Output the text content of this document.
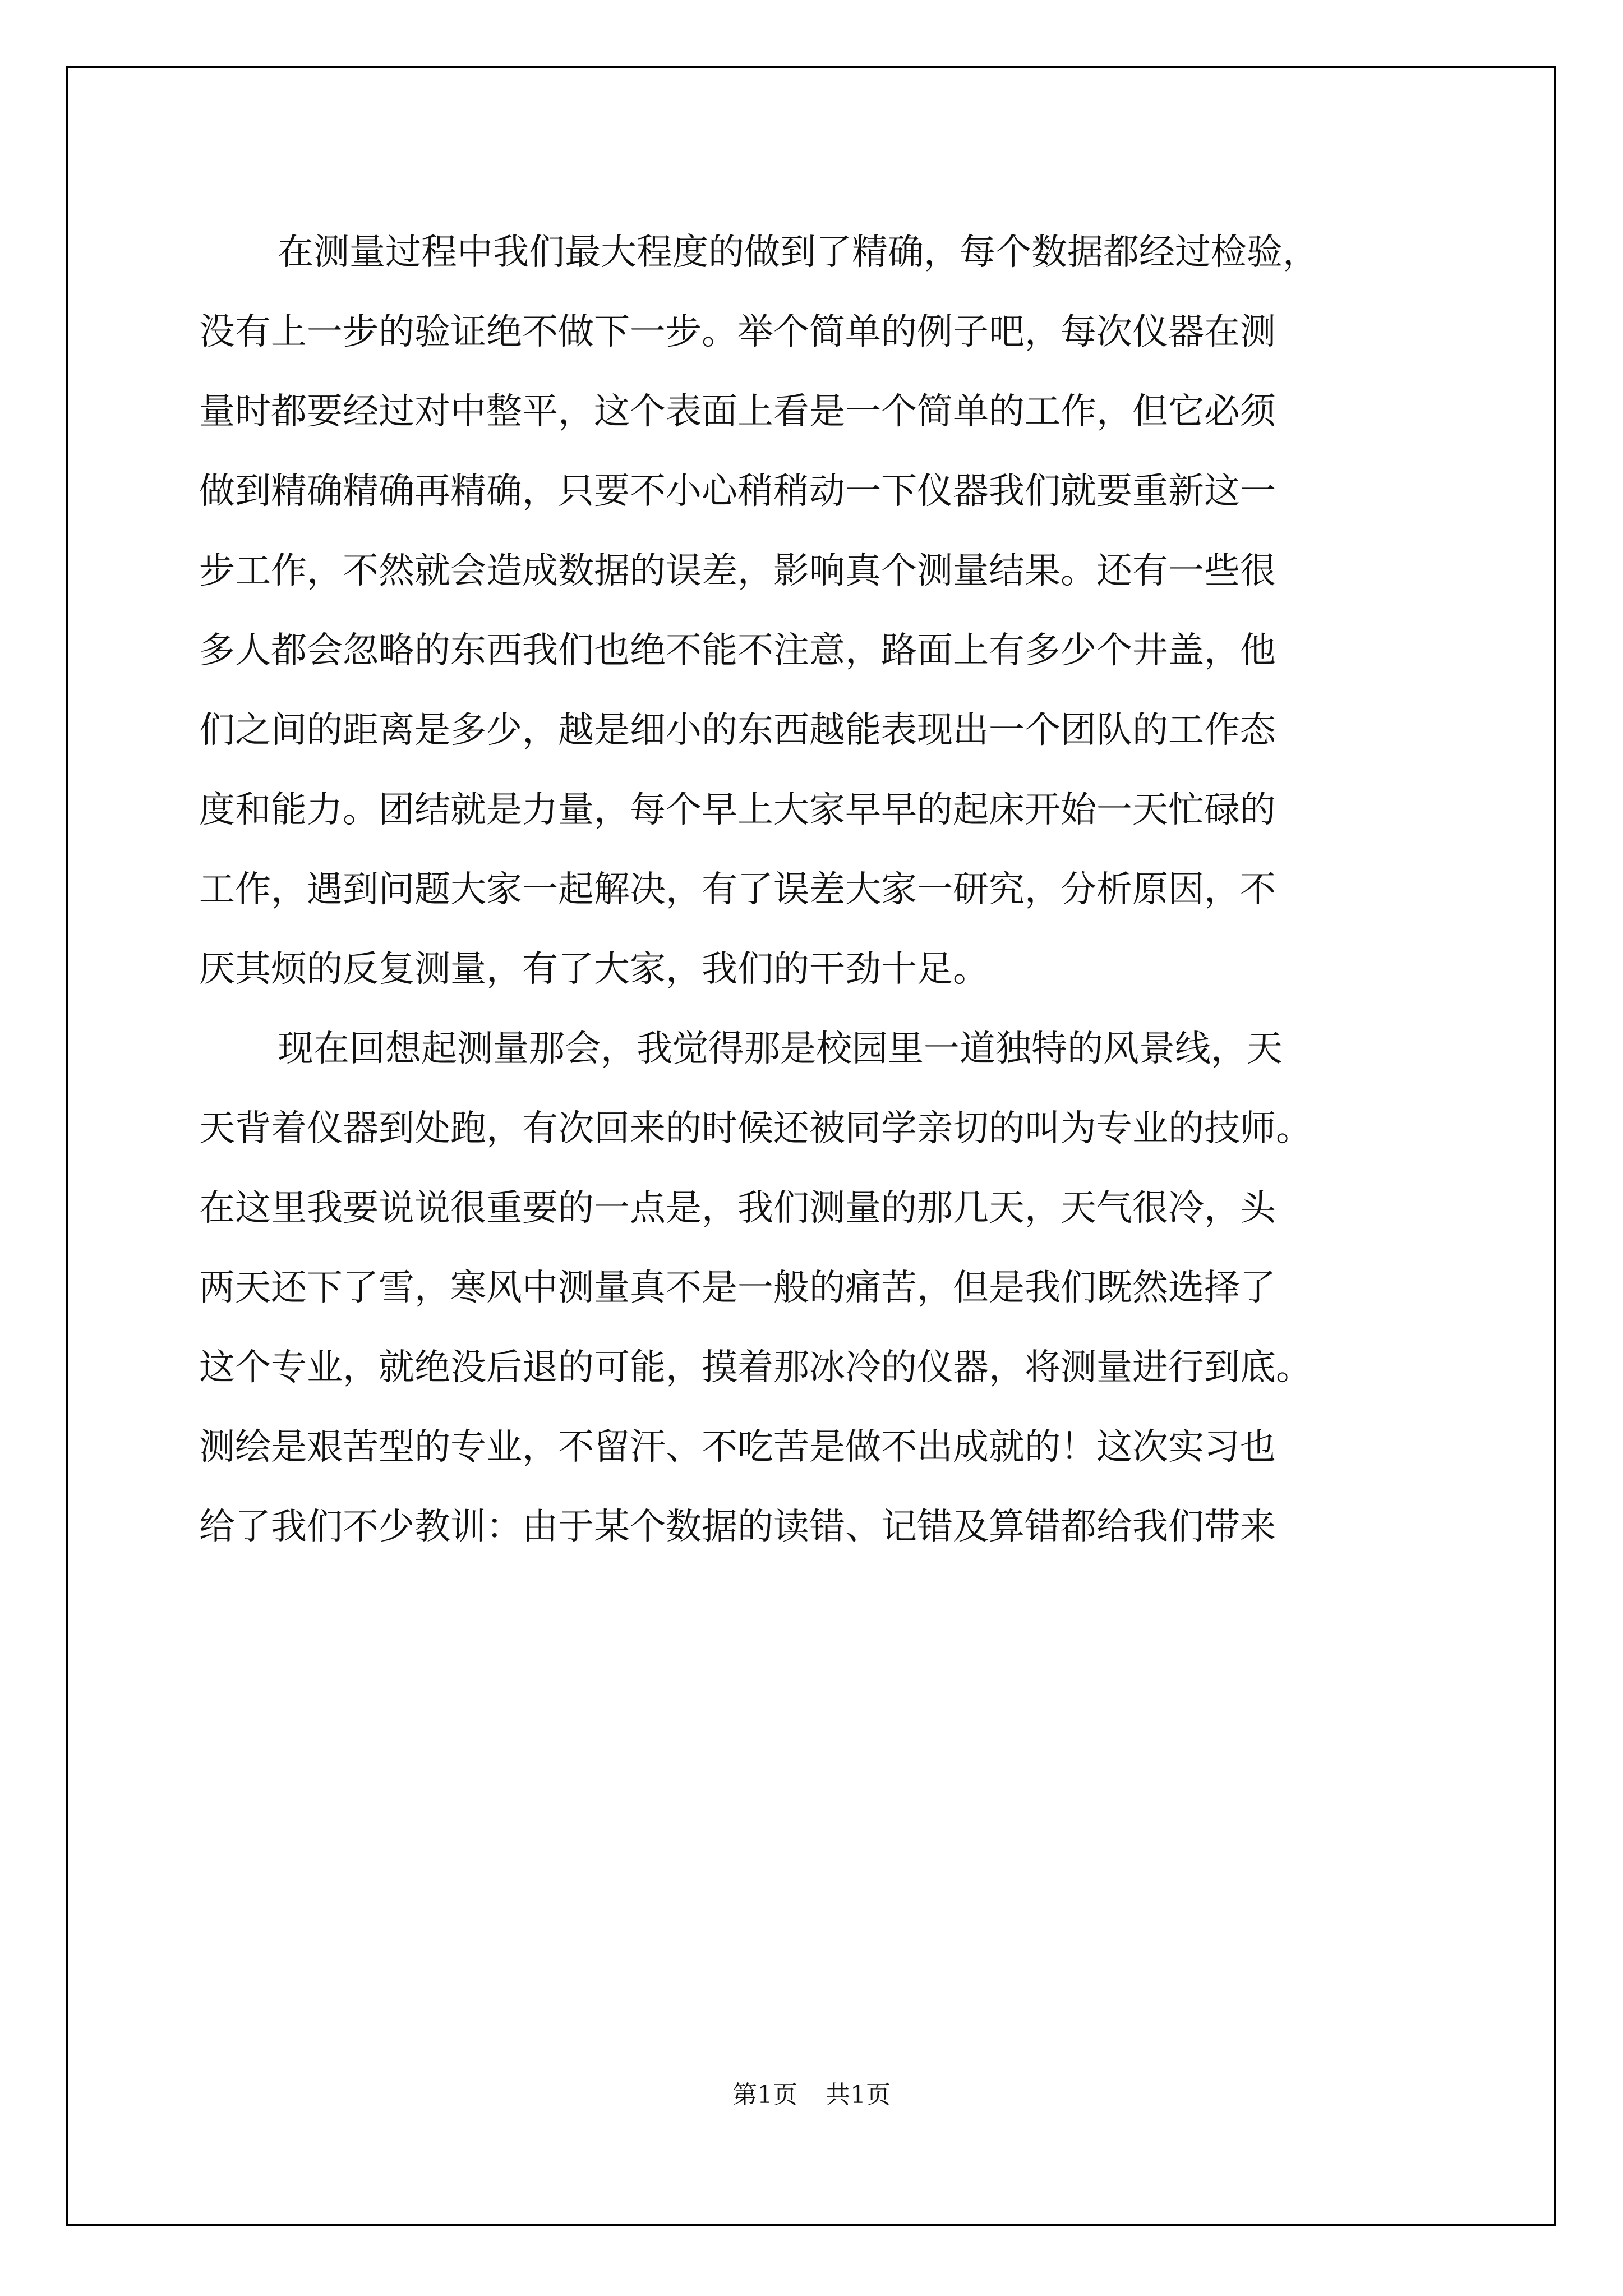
在测量过程中我们最大程度的做到了精确，每个数据都经过检验，
没有上一步的验证绝不做下一步。举个简单的例子吧，每次仪器在测
量时都要经过对中整平，这个表面上看是一个简单的工作，但它必须
做到精确精确再精确，只要不小心稍稍动一下仪器我们就要重新这一
步工作，不然就会造成数据的误差，影响真个测量结果。还有一些很
多人都会忽略的东西我们也绝不能不注意，路面上有多少个井盖，他
们之间的距离是多少，越是细小的东西越能表现出一个团队的工作态
度和能力。团结就是力量，每个早上大家早早的起床开始一天忙碌的
工作，遇到问题大家一起解决，有了误差大家一研究，分析原因，不
厌其烦的反复测量，有了大家，我们的干劲十足。
现在回想起测量那会，我觉得那是校园里一道独特的风景线，天
天背着仪器到处跑，有次回来的时候还被同学亲切的叫为专业的技师。
在这里我要说说很重要的一点是，我们测量的那几天，天气很冷，头
两天还下了雪，寒风中测量真不是一般的痛苦，但是我们既然选择了
这个专业，就绝没后退的可能，摸着那冰冷的仪器，将测量进行到底。
测绘是艰苦型的专业，不留汗、不吃苦是做不出成就的！这次实习也
给了我们不少教训：由于某个数据的读错、记错及算错都给我们带来
第1页 共1页
